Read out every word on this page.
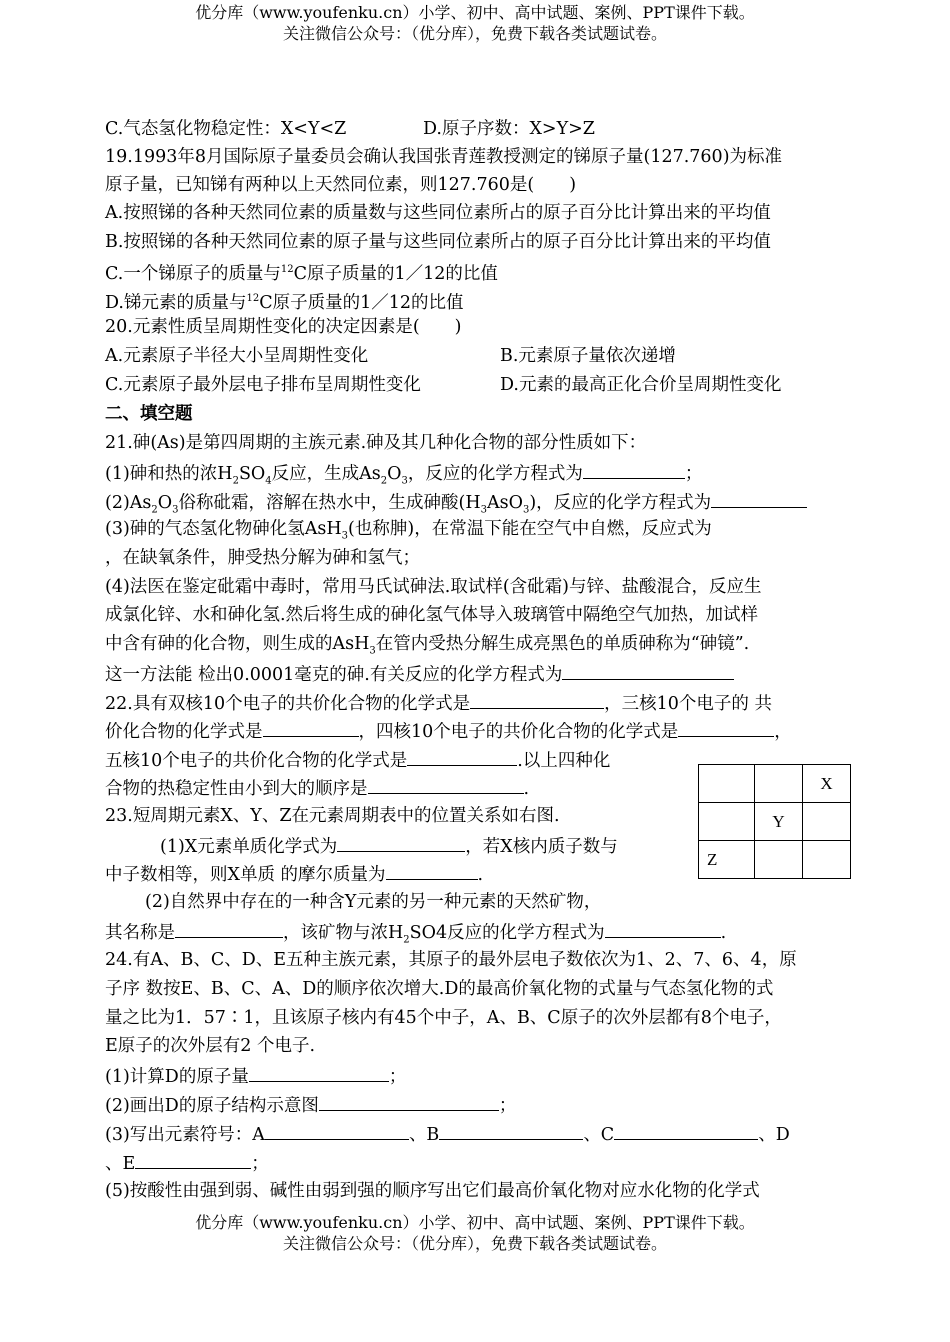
优分库（www.youfenku.cn）小学、初中、高中试题、案例、PPT课件下载。
关注微信公众号：（优分库），免费下载各类试题试卷。
C.气态氢化物稳定性：X<Y<Z	D.原子序数：X>Y>Z
19.1993年8月国际原子量委员会确认我国张青莲教授测定的锑原子量(127.760)为标准
原子量，已知锑有两种以上天然同位素，则127.760是(　　)
A.按照锑的各种天然同位素的质量数与这些同位素所占的原子百分比计算出来的平均值
B.按照锑的各种天然同位素的原子量与这些同位素所占的原子百分比计算出来的平均值
C.一个锑原子的质量与$^{12}$C原子质量的1／12的比值
D.锑元素的质量与$^{12}$C原子质量的1／12的比值
20.元素性质呈周期性变化的决定因素是(　　)
A.元素原子半径大小呈周期性变化	B.元素原子量依次递增
C.元素原子最外层电子排布呈周期性变化	D.元素的最高正化合价呈周期性变化
二、填空题
21.砷(As)是第四周期的主族元素.砷及其几种化合物的部分性质如下：
(1)砷和热的浓$H_2SO_4$反应，生成$As_2O_3$，反应的化学方程式为	；
$(2)As_2O_3$俗称砒霜，溶解在热水中，生成砷酸$(H_3AsO_3)$，反应的化学方程式为
(3)砷的气态氢化物砷化氢AsH$_3$(也称胂)，在常温下能在空气中自燃，反应式为
，在缺氧条件，胂受热分解为砷和氢气；
(4)法医在鉴定砒霜中毒时，常用马氏试砷法.取试样(含砒霜)与锌、盐酸混合，反应生
成氯化锌、水和砷化氢.然后将生成的砷化氢气体导入玻璃管中隔绝空气加热，加试样
中含有砷的化合物，则生成的AsH$_3$在管内受热分解生成亮黑色的单质砷称为“砷镜”.
这一方法能 检出0.0001毫克的砷.有关反应的化学方程式为
22.具有双核10个电子的共价化合物的化学式是	，三核10个电子的 共
价化合物的化学式是	，四核10个电子的共价化合物的化学式是	，
五核10个电子的共价化合物的化学式是	.以上四种化
合物的热稳定性由小到大的顺序是	.
23.短周期元素X、Y、Z在元素周期表中的位置关系如右图.
(1)X元素单质化学式为	，若X核内质子数与
中子数相等，则X单质 的摩尔质量为	.
(2)自然界中存在的一种含Y元素的另一种元素的天然矿物，
其名称是	，该矿物与浓$H_2SO4$反应的化学方程式为	.
		X
	Y	
Z		
24.有A、B、C、D、E五种主族元素，其原子的最外层电子数依次为1、2、7、6、4，原
子序 数按E、B、C、A、D的顺序依次增大.D的最高价氧化物的式量与气态氢化物的式
量之比为1．57∶1，且该原子核内有45个中子，A、B、C原子的次外层都有8个电子，
E原子的次外层有2 个电子.
(1)计算D的原子量	；
(2)画出D的原子结构示意图	；
(3)写出元素符号：A	、B	、C	、D
、E	；
(5)按酸性由强到弱、碱性由弱到强的顺序写出它们最高价氧化物对应水化物的化学式
优分库（www.youfenku.cn）小学、初中、高中试题、案例、PPT课件下载。
关注微信公众号：（优分库），免费下载各类试题试卷。
